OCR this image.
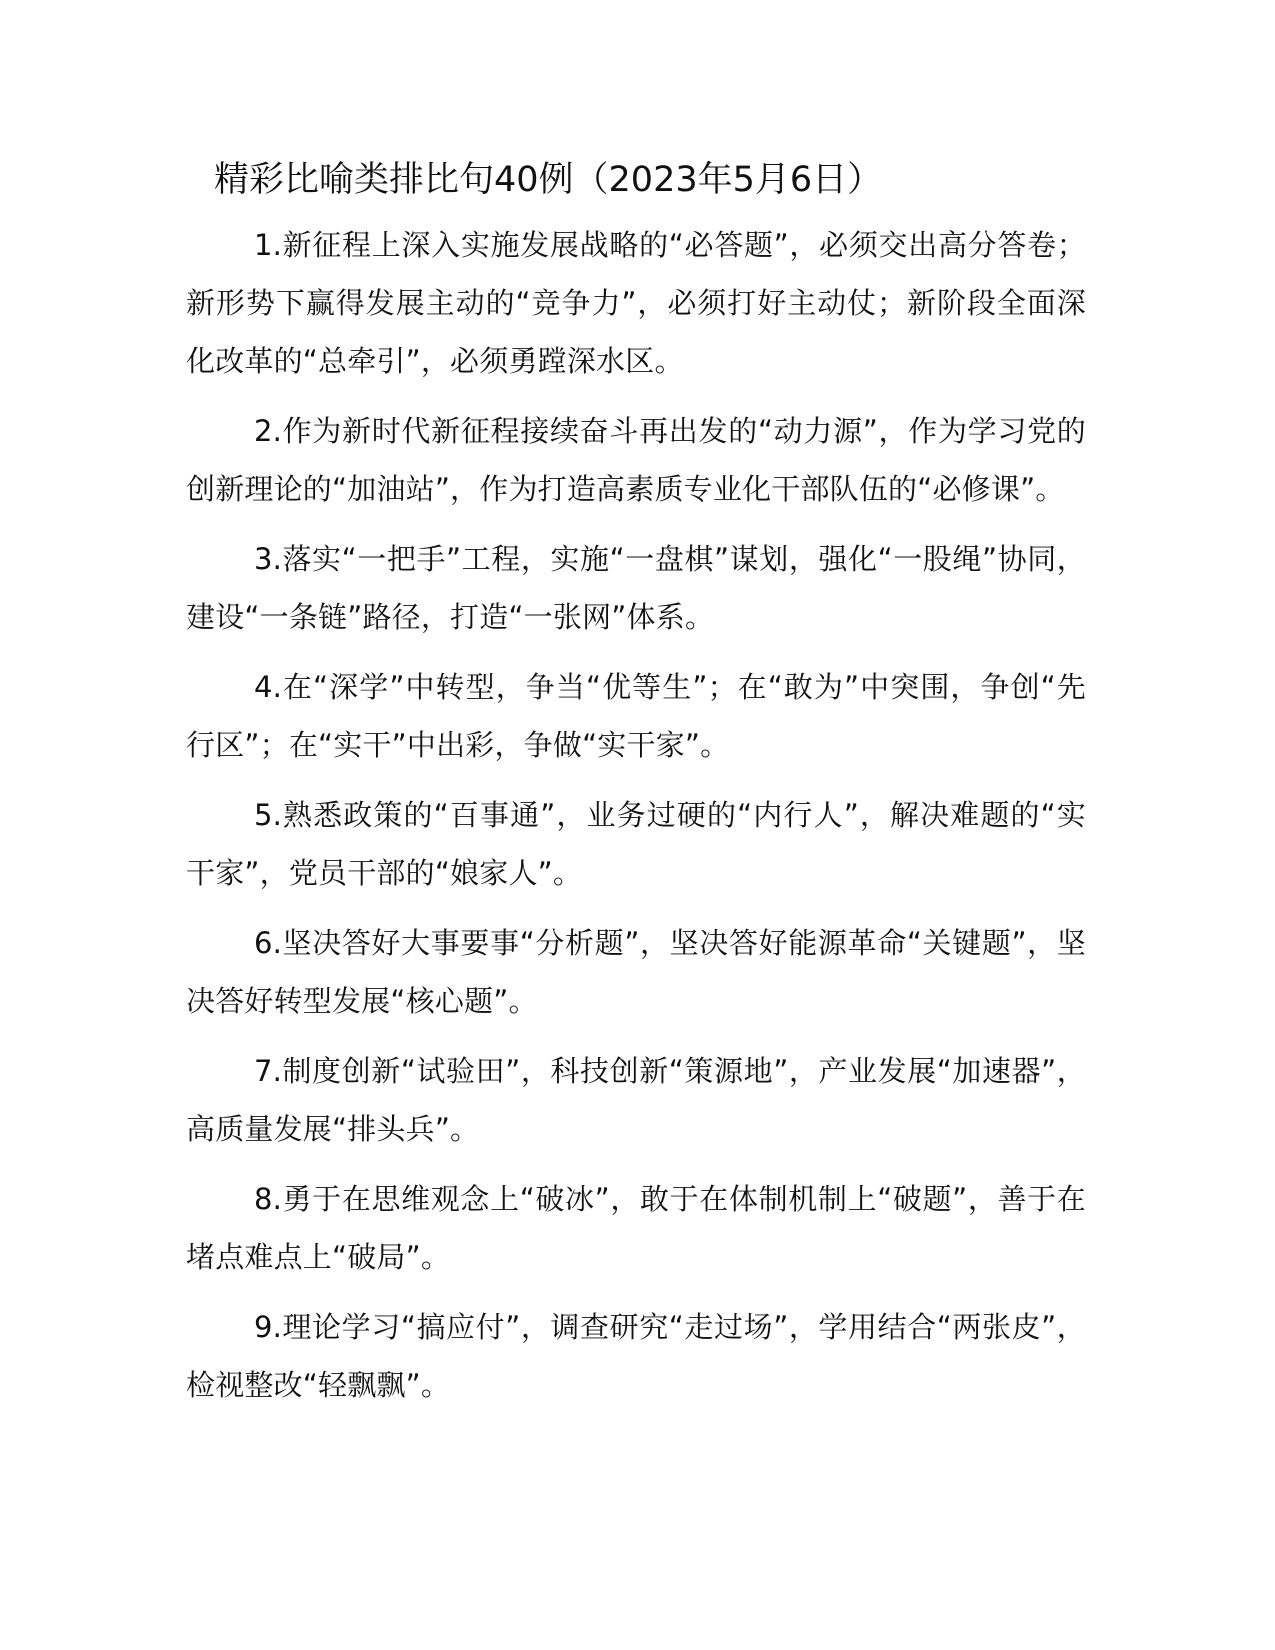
精彩比喻类排比句40例（2023年5月6日）

1.新征程上深入实施发展战略的“必答题”，必须交出高分答卷；新形势下赢得发展主动的“竞争力”，必须打好主动仗；新阶段全面深化改革的“总牵引”，必须勇蹚深水区。

2.作为新时代新征程接续奋斗再出发的“动力源”，作为学习党的创新理论的“加油站”，作为打造高素质专业化干部队伍的“必修课”。

3.落实“一把手”工程，实施“一盘棋”谋划，强化“一股绳”协同，建设“一条链”路径，打造“一张网”体系。

4.在“深学”中转型，争当“优等生”；在“敢为”中突围，争创“先行区”；在“实干”中出彩，争做“实干家”。

5.熟悉政策的“百事通”，业务过硬的“内行人”，解决难题的“实干家”，党员干部的“娘家人”。

6.坚决答好大事要事“分析题”，坚决答好能源革命“关键题”，坚决答好转型发展“核心题”。

7.制度创新“试验田”，科技创新“策源地”，产业发展“加速器”，高质量发展“排头兵”。

8.勇于在思维观念上“破冰”，敢于在体制机制上“破题”，善于在堵点难点上“破局”。

9.理论学习“搞应付”，调查研究“走过场”，学用结合“两张皮”，检视整改“轻飘飘”。
